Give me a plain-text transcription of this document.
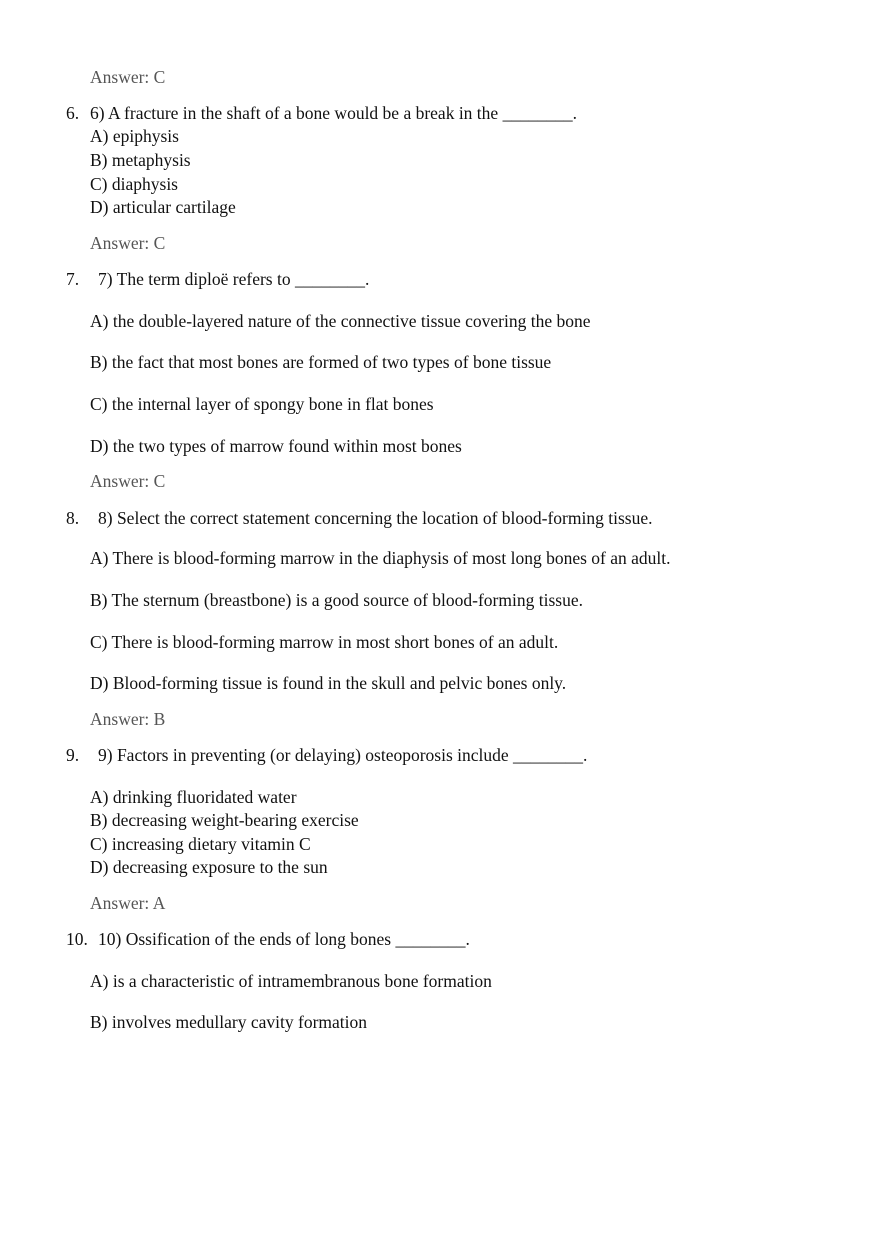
Answer: C
6. 6) A fracture in the shaft of a bone would be a break in the ________.
A) epiphysis
B) metaphysis
C) diaphysis
D) articular cartilage
Answer: C
7. 7) The term diploë refers to ________.
A) the double-layered nature of the connective tissue covering the bone
B) the fact that most bones are formed of two types of bone tissue
C) the internal layer of spongy bone in flat bones
D) the two types of marrow found within most bones
Answer: C
8. 8) Select the correct statement concerning the location of blood-forming tissue.
A) There is blood-forming marrow in the diaphysis of most long bones of an adult.
B) The sternum (breastbone) is a good source of blood-forming tissue.
C) There is blood-forming marrow in most short bones of an adult.
D) Blood-forming tissue is found in the skull and pelvic bones only.
Answer: B
9. 9) Factors in preventing (or delaying) osteoporosis include ________.
A) drinking fluoridated water
B) decreasing weight-bearing exercise
C) increasing dietary vitamin C
D) decreasing exposure to the sun
Answer: A
10. 10) Ossification of the ends of long bones ________.
A) is a characteristic of intramembranous bone formation
B) involves medullary cavity formation
